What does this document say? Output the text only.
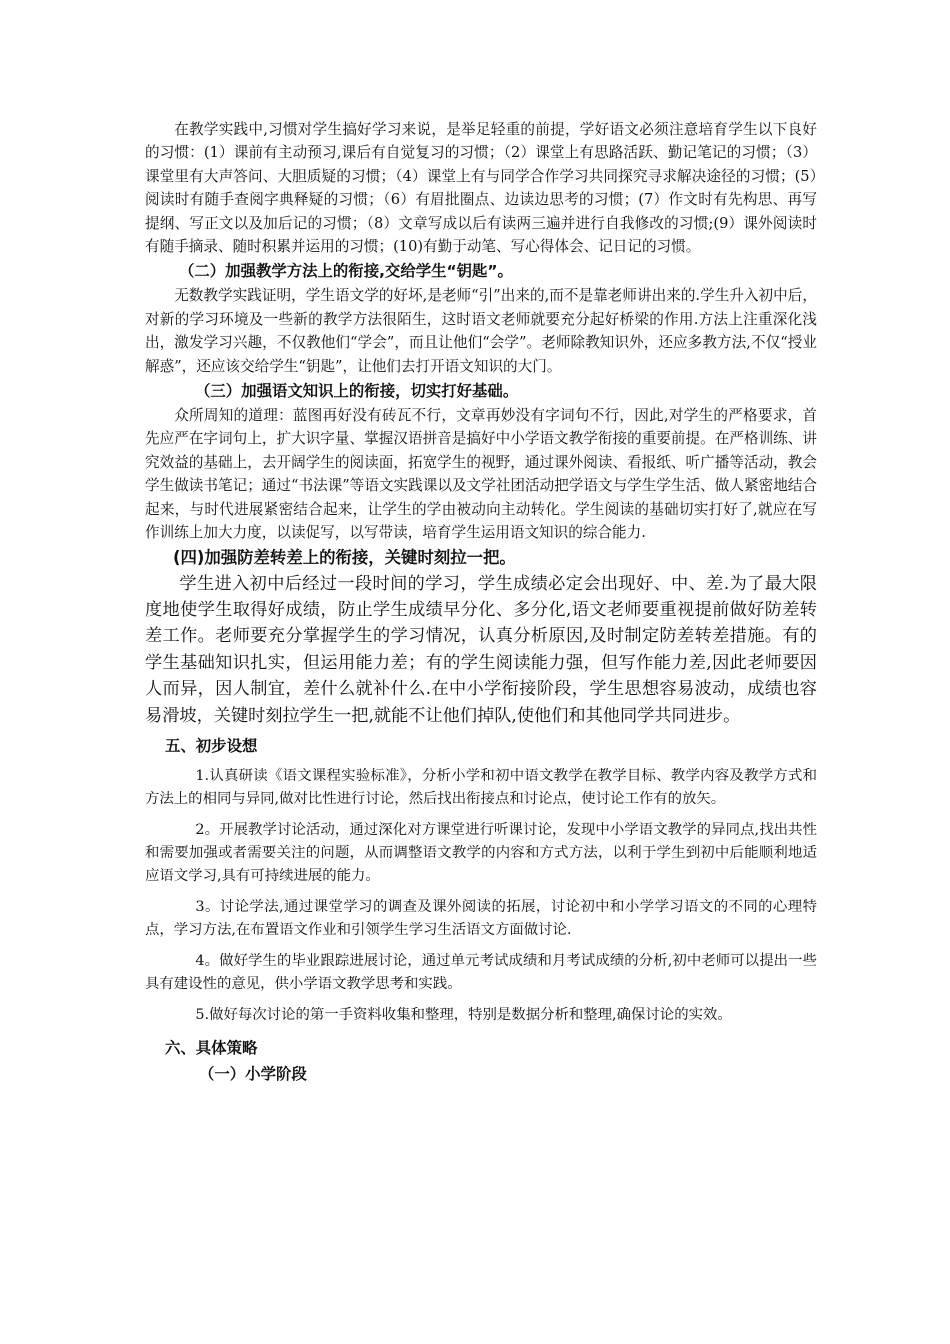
在教学实践中,习惯对学生搞好学习来说，是举足轻重的前提，学好语文必须注意培育学生以下良好的习惯：(1）课前有主动预习,课后有自觉复习的习惯；（2）课堂上有思路活跃、勤记笔记的习惯；（3）课堂里有大声答问、大胆质疑的习惯；（4）课堂上有与同学合作学习共同探究寻求解决途径的习惯；(5）阅读时有随手查阅字典释疑的习惯；（6）有眉批圈点、边读边思考的习惯；(7）作文时有先构思、再写提纲、写正文以及加后记的习惯；（8）文章写成以后有读两三遍并进行自我修改的习惯;(9）课外阅读时有随手摘录、随时积累并运用的习惯；(10)有勤于动笔、写心得体会、记日记的习惯。

（二）加强教学方法上的衔接,交给学生“钥匙”。

无数教学实践证明，学生语文学的好坏,是老师“引”出来的,而不是靠老师讲出来的.学生升入初中后，对新的学习环境及一些新的教学方法很陌生，这时语文老师就要充分起好桥梁的作用.方法上注重深化浅出，激发学习兴趣，不仅教他们“学会”，而且让他们“会学”。老师除教知识外，还应多教方法,不仅“授业解惑”，还应该交给学生“钥匙”，让他们去打开语文知识的大门。

（三）加强语文知识上的衔接，切实打好基础。

众所周知的道理：蓝图再好没有砖瓦不行，文章再妙没有字词句不行，因此,对学生的严格要求，首先应严在字词句上，扩大识字量、掌握汉语拼音是搞好中小学语文教学衔接的重要前提。在严格训练、讲究效益的基础上，去开阔学生的阅读面，拓宽学生的视野，通过课外阅读、看报纸、听广播等活动，教会学生做读书笔记；通过“书法课”等语文实践课以及文学社团活动把学语文与学生学生活、做人紧密地结合起来，与时代进展紧密结合起来，让学生的学由被动向主动转化。学生阅读的基础切实打好了,就应在写作训练上加大力度，以读促写，以写带读，培育学生运用语文知识的综合能力.

(四)加强防差转差上的衔接，关键时刻拉一把。

学生进入初中后经过一段时间的学习，学生成绩必定会出现好、中、差.为了最大限度地使学生取得好成绩，防止学生成绩早分化、多分化,语文老师要重视提前做好防差转差工作。老师要充分掌握学生的学习情况，认真分析原因,及时制定防差转差措施。有的学生基础知识扎实，但运用能力差；有的学生阅读能力强，但写作能力差,因此老师要因人而异，因人制宜，差什么就补什么.在中小学衔接阶段，学生思想容易波动，成绩也容易滑坡，关键时刻拉学生一把,就能不让他们掉队,使他们和其他同学共同进步。

五、初步设想

1.认真研读《语文课程实验标准》，分析小学和初中语文教学在教学目标、教学内容及教学方式和方法上的相同与异同,做对比性进行讨论，然后找出衔接点和讨论点，使讨论工作有的放矢。

2。开展教学讨论活动，通过深化对方课堂进行听课讨论，发现中小学语文教学的异同点,找出共性和需要加强或者需要关注的问题，从而调整语文教学的内容和方式方法，以利于学生到初中后能顺利地适应语文学习,具有可持续进展的能力。

3。讨论学法,通过课堂学习的调查及课外阅读的拓展，讨论初中和小学学习语文的不同的心理特点，学习方法,在布置语文作业和引领学生学习生活语文方面做讨论.

4。做好学生的毕业跟踪进展讨论，通过单元考试成绩和月考试成绩的分析,初中老师可以提出一些具有建设性的意见，供小学语文教学思考和实践。

5.做好每次讨论的第一手资料收集和整理，特别是数据分析和整理,确保讨论的实效。

六、具体策略

（一）小学阶段
